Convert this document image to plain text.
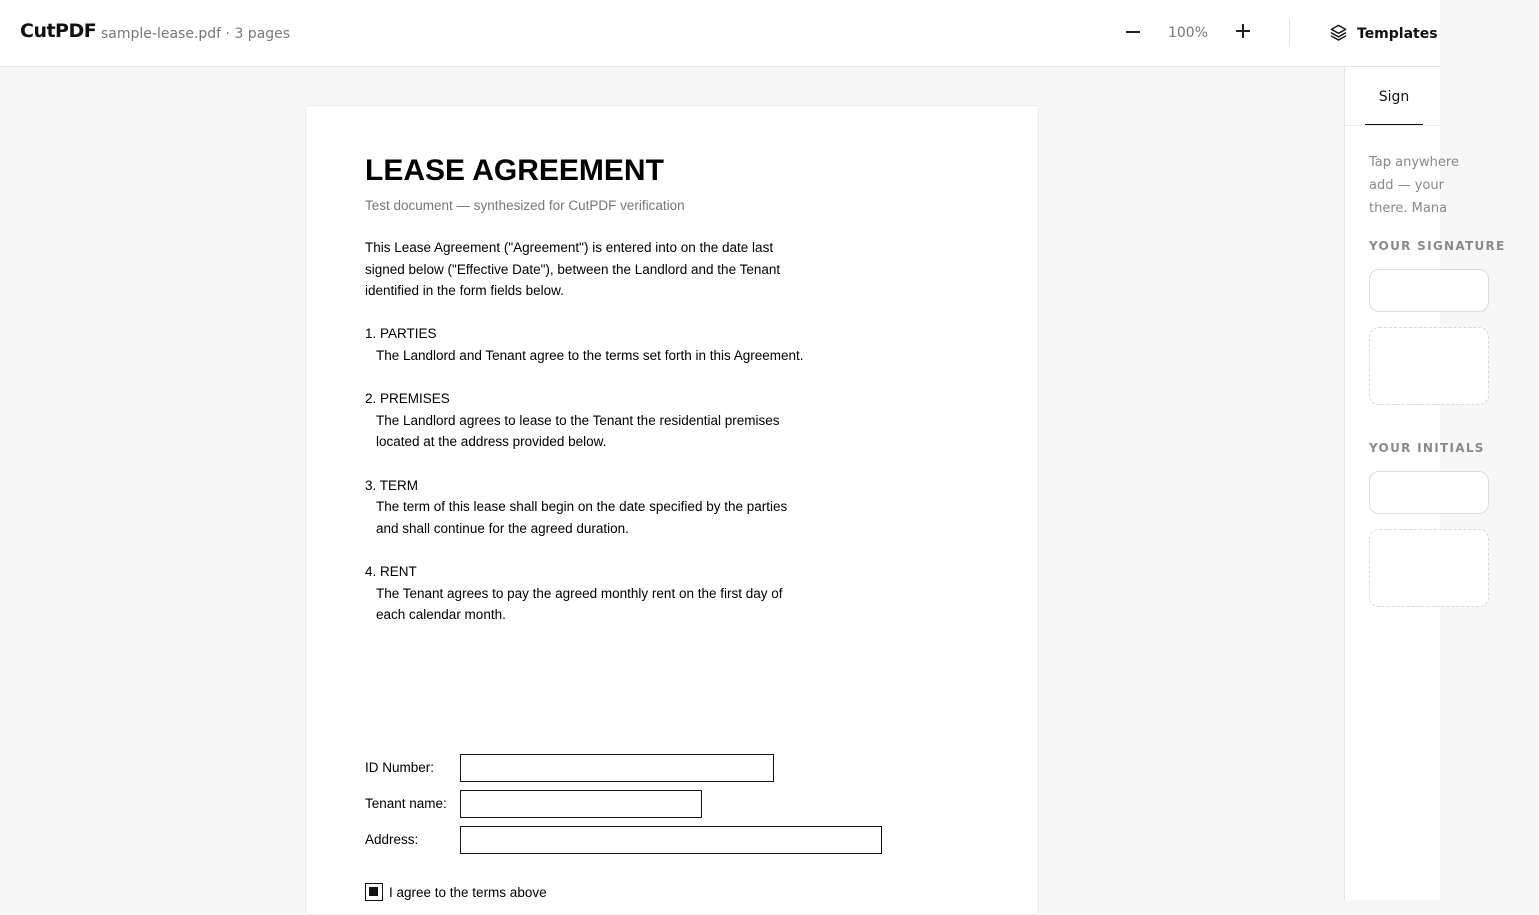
CutPDF sample-lease.pdf · 3 pages	100%	Templates
LEASE AGREEMENT
Test document — synthesized for CutPDF verification

This Lease Agreement ("Agreement") is entered into on the date last

signed below ("Effective Date"), between the Landlord and the Tenant

identified in the form fields below.

1. PARTIES

The Landlord and Tenant agree to the terms set forth in this Agreement.

2. PREMISES

The Landlord agrees to lease to the Tenant the residential premises

located at the address provided below.

3. TERM

The term of this lease shall begin on the date specified by the parties

and shall continue for the agreed duration.

4. RENT

The Tenant agrees to pay the agreed monthly rent on the first day of

each calendar month.

ID Number:
Tenant name:
Address:
I agree to the terms above
Sign
Tap anywhere
add — your
there. Mana
YOUR SIGNATURE
YOUR INITIALS
